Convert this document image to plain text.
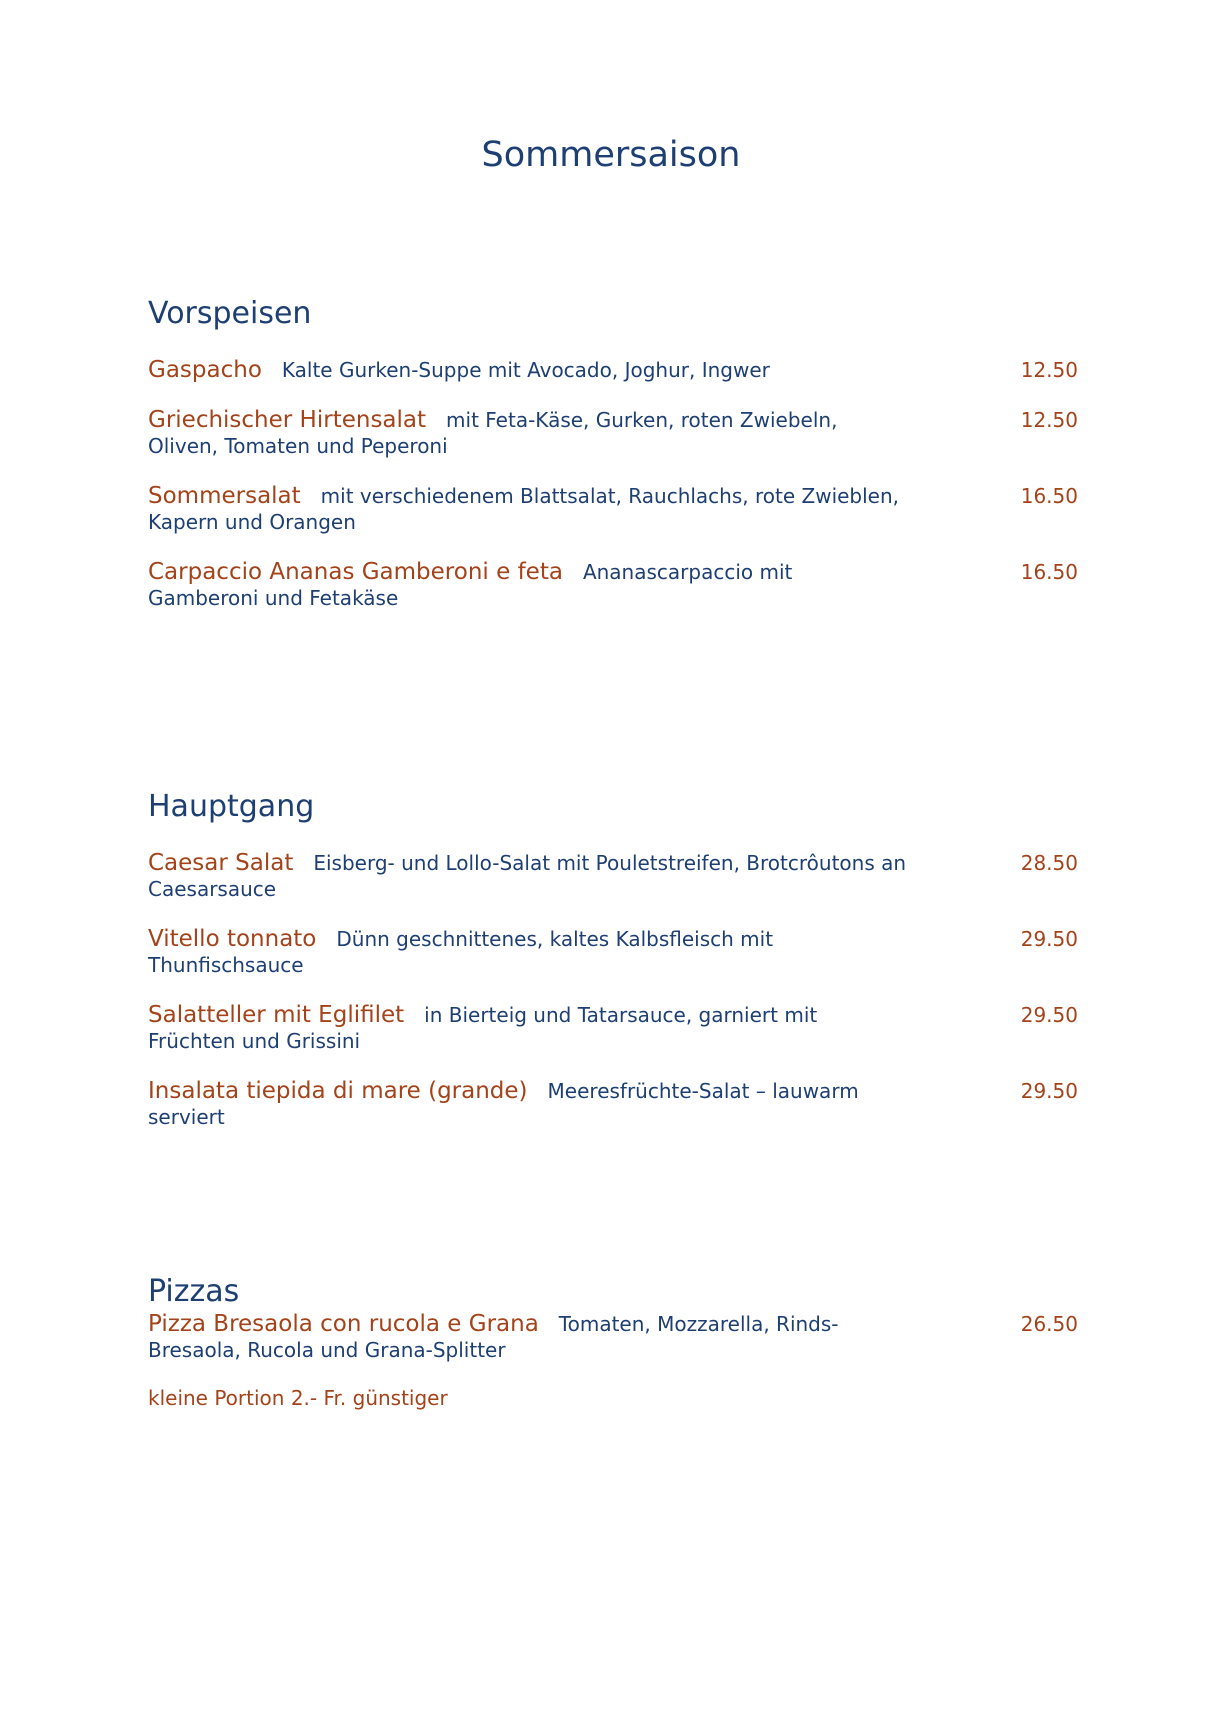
Sommersaison
Vorspeisen
Gaspacho Kalte Gurken-Suppe mit Avocado, Joghur, Ingwer	12.50
Griechischer Hirtensalat mit Feta-Käse, Gurken, roten Zwiebeln, Oliven, Tomaten und Peperoni
12.50
Sommersalat mit verschiedenem Blattsalat, Rauchlachs, rote Zwieblen, Kapern und Orangen
16.50
Carpaccio Ananas Gamberoni e feta Ananascarpaccio mit Gamberoni und Fetakäse
16.50
Hauptgang
Caesar Salat Eisberg- und Lollo-Salat mit Pouletstreifen, Brotcrôutons an Caesarsauce
28.50
Vitello tonnato Dünn geschnittenes, kaltes Kalbsfleisch mit Thunfischsauce
29.50
Salatteller mit Eglifilet in Bierteig und Tatarsauce, garniert mit Früchten und Grissini
29.50
Insalata tiepida di mare (grande) Meeresfrüchte-Salat – lauwarm serviert
29.50
Pizzas
Pizza Bresaola con rucola e Grana Tomaten, Mozzarella, Rinds-Bresaola, Rucola und Grana-Splitter
26.50
kleine Portion 2.- Fr. günstiger
